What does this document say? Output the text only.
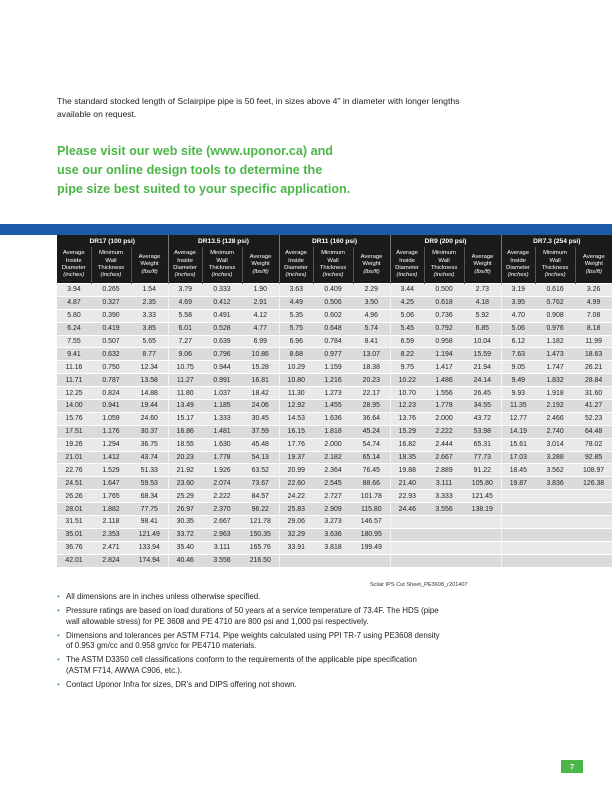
The standard stocked length of Sclairpipe pipe is 50 feet, in sizes above 4" in diameter with longer lengths
available on request.
Please visit our web site (www.uponor.ca) and
use our online design tools to determine the
pipe size best suited to your specific application.
DR17 (100 psi)			DR13.5 (128 psi)			DR11 (160 psi)			DR9 (200 psi)			DR7.3 (254 psi)		

Average
Inside
Diameter
(inches)	Minimum
Wall
Thickness
(inches)	Average
Weight
(lbs/ft)	Average
Inside
Diameter
(inches)	Minimum
Wall
Thickness
(inches)	Average
Weight
(lbs/ft)	Average
Inside
Diameter
(inches)	Minimum
Wall
Thickness
(inches)	Average
Weight
(lbs/ft)	Average
Inside
Diameter
(inches)	Minimum
Wall
Thickness
(inches)	Average
Weight
(lbs/ft)	Average
Inside
Diameter
(inches)	Minimum
Wall
Thickness
(inches)	Average
Weight
(lbs/ft)

3.94	0.265	1.54	3.79	0.333	1.90	3.63	0.409	2.29	3.44	0.500	2.73	3.19	0.616	3.26
4.87	0.327	2.35	4.69	0.412	2.91	4.49	0.506	3.50	4.25	0.618	4.18	3.95	0.762	4.99
5.80	0.390	3.33	5.58	0.491	4.12	5.35	0.602	4.96	5.06	0.736	5.92	4.70	0.908	7.08
6.24	0.419	3.85	6.01	0.528	4.77	5.75	0.648	5.74	5.45	0.792	6.85	5.06	0.976	8.18
7.55	0.507	5.65	7.27	0.639	6.99	6.96	0.784	8.41	6.59	0.958	10.04	6.12	1.182	11.99
9.41	0.632	8.77	9.06	0.796	10.86	8.68	0.977	13.07	8.22	1.194	15.59	7.63	1.473	18.63
11.16	0.750	12.34	10.75	0.944	15.28	10.29	1.159	18.38	9.75	1.417	21.94	9.05	1.747	26.21
11.71	0.787	13.58	11.27	0.991	16.81	10.80	1.216	20.23	10.22	1.486	24.14	9.49	1.832	28.84
12.25	0.824	14.88	11.80	1.037	18.42	11.30	1.273	22.17	10.70	1.556	26.45	9.93	1.918	31.60
14.00	0.941	19.44	13.49	1.185	24.06	12.92	1.455	28.95	12.23	1.778	34.55	11.35	2.192	41.27
15.76	1.059	24.60	15.17	1.333	30.45	14.53	1.636	36.64	13.76	2.000	43.72	12.77	2.466	52.23
17.51	1.176	30.37	16.86	1.481	37.59	16.15	1.818	45.24	15.29	2.222	53.98	14.19	2.740	64.48
19.26	1.294	36.75	18.55	1.630	45.48	17.76	2.000	54.74	16.82	2.444	65.31	15.61	3.014	78.02
21.01	1.412	43.74	20.23	1.778	54.13	19.37	2.182	65.14	18.35	2.667	77.73	17.03	3.288	92.85
22.76	1.529	51.33	21.92	1.926	63.52	20.99	2.364	76.45	19.88	2.889	91.22	18.45	3.562	108.97
24.51	1.647	59.53	23.60	2.074	73.67	22.60	2.545	88.66	21.40	3.111	105.80	19.87	3.836	126.38
26.26	1.765	68.34	25.29	2.222	84.57	24.22	2.727	101.78	22.93	3.333	121.45			
28.01	1.882	77.75	26.97	2.370	96.22	25.83	2.909	115.80	24.46	3.556	138.19			
31.51	2.118	98.41	30.35	2.667	121.78	29.06	3.273	146.57						
35.01	2.353	121.49	33.72	2.963	150.35	32.29	3.636	180.95						
36.76	2.471	133.94	35.40	3.111	165.76	33.91	3.818	199.49						
42.01	2.824	174.94	40.46	3.556	216.50									
Sclair IPS Cut Sheet_PE3608_r201407
• All dimensions are in inches unless otherwise specified.
• Pressure ratings are based on load durations of 50 years at a service temperature of 73.4F. The HDS (pipe
wall allowable stress) for PE 3608 and PE 4710 are 800 psi and 1,000 psi respectively.
• Dimensions and tolerances per ASTM F714. Pipe weights calculated using PPI TR-7 using PE3608 density
of 0.953 gm/cc and 0.958 gm/cc for PE4710 materials.
• The ASTM D3350 cell classifications conform to the requirements of the applicable pipe specification
(ASTM F714, AWWA C906, etc.).
• Contact Uponor Infra for sizes, DR's and DIPS offering not shown.
7
